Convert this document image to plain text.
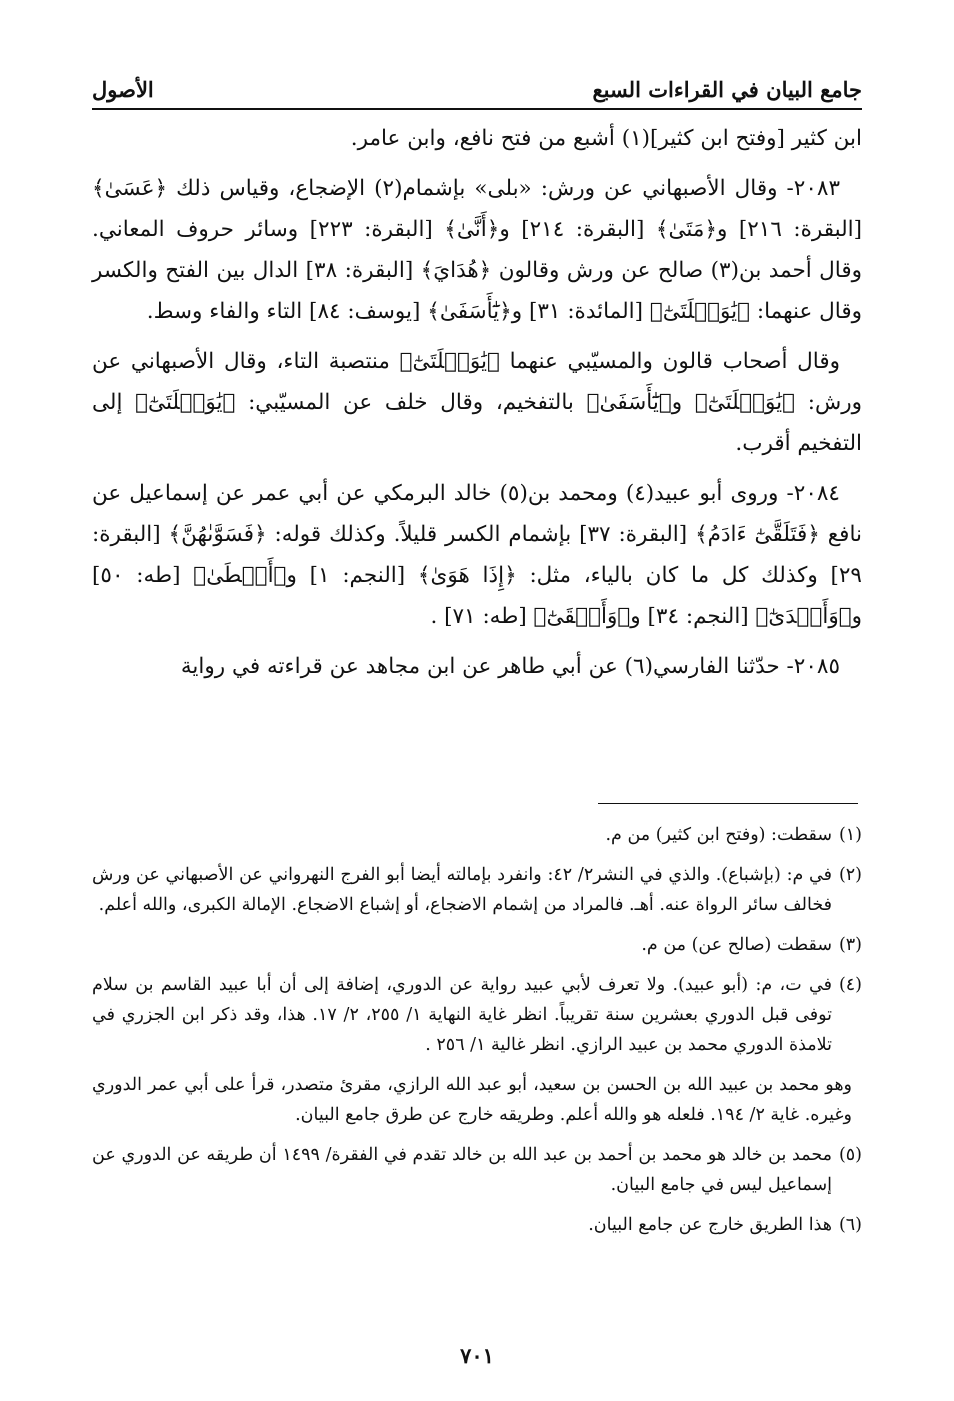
جامع البيان في القراءات السبع
الأصول

ابن كثير [وفتح ابن كثير](١) أشبع من فتح نافع، وابن عامر.

٢٠٨٣- وقال الأصبهاني عن ورش: «بلى» بإشمام(٢) الإضجاع، وقياس ذلك ﴿عَسَىٰ﴾ [البقرة: ٢١٦] و﴿مَتَىٰ﴾ [البقرة: ٢١٤] و﴿أَنَّىٰ﴾ [البقرة: ٢٢٣] وسائر حروف المعاني. وقال أحمد بن(٣) صالح عن ورش وقالون ﴿هُدَايَ﴾ [البقرة: ٣٨] الدال بين الفتح والكسر وقال عنهما: ﴿يَٰوَيۡلَتَىٰٓ﴾ [المائدة: ٣١] و﴿يَٰٓأَسَفَىٰ﴾ [يوسف: ٨٤] التاء والفاء وسط.

وقال أصحاب قالون والمسيّبي عنهما ﴿يَٰوَيۡلَتَىٰٓ﴾ منتصبة التاء، وقال الأصبهاني عن ورش: ﴿يَٰوَيۡلَتَىٰٓ﴾ و﴿يَٰٓأَسَفَىٰ﴾ بالتفخيم، وقال خلف عن المسيّبي: ﴿يَٰوَيۡلَتَىٰٓ﴾ إلى التفخيم أقرب.

٢٠٨٤- وروى أبو عبيد(٤) ومحمد بن(٥) خالد البرمكي عن أبي عمر عن إسماعيل عن نافع ﴿فَتَلَقَّىٰٓ ءَادَمُ﴾ [البقرة: ٣٧] بإشمام الكسر قليلاً. وكذلك قوله: ﴿فَسَوَّىٰهُنَّ﴾ [البقرة: ٢٩] وكذلك كل ما كان بالياء، مثل: ﴿إِذَا هَوَىٰ﴾ [النجم: ١] و﴿أَعۡطَىٰ﴾ [طه: ٥٠] و﴿وَأَكۡدَىٰٓ﴾ [النجم: ٣٤] و﴿وَأَبۡقَىٰٓ﴾ [طه: ٧١] .

٢٠٨٥- حدّثنا الفارسي(٦) عن أبي طاهر عن ابن مجاهد عن قراءته في رواية

(١)
سقطت: (وفتح ابن كثير) من م.
(٢)
في م: (بإشباع). والذي في النشر٢/ ٤٢: وانفرد بإمالته أيضا أبو الفرج النهرواني عن الأصبهاني عن ورش فخالف سائر الرواة عنه. أهـ. فالمراد من إشمام الاضجاع، أو إشباع الاضجاع. الإمالة الكبرى، والله أعلم.
(٣)
سقطت (صالح عن) من م.
(٤)
في ت، م: (أبو عبيد). ولا تعرف لأبي عبيد رواية عن الدوري، إضافة إلى أن أبا عبيد القاسم بن سلام توفى قبل الدوري بعشرين سنة تقريباً. انظر غاية النهاية ١/ ٢٥٥، ٢/ ١٧. هذا، وقد ذكر ابن الجزري في تلامذة الدوري محمد بن عبيد الرازي. انظر غالية ١/ ٢٥٦ .
وهو محمد بن عبيد الله بن الحسن بن سعيد، أبو عبد الله الرازي، مقرئ متصدر، قرأ على أبي عمر الدوري وغيره. غاية ٢/ ١٩٤. فلعله هو والله أعلم. وطريقه خارج عن طرق جامع البيان.
(٥)
محمد بن خالد هو محمد بن أحمد بن عبد الله بن خالد تقدم في الفقرة/ ١٤٩٩ أن طريقه عن الدوري عن إسماعيل ليس في جامع البيان.
(٦)
هذا الطريق خارج عن جامع البيان.
٧٠١
